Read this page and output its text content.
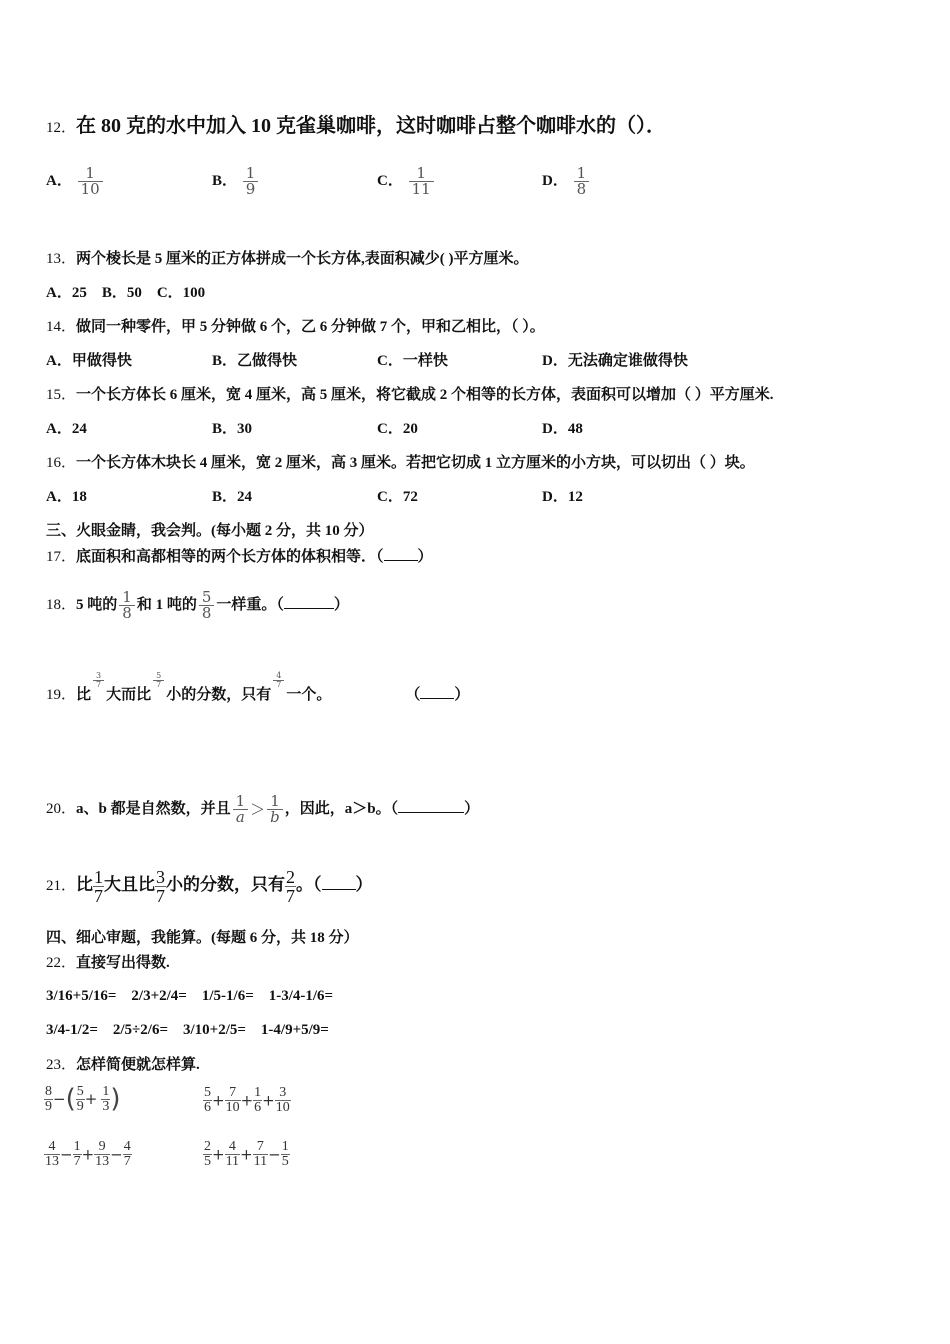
12．在 80 克的水中加入 10 克雀巢咖啡，这时咖啡占整个咖啡水的（）．
A． $\frac{1}{10}$	B． $\frac{1}{9}$	C． $\frac{1}{11}$	D． $\frac{1}{8}$
13．两个棱长是 5 厘米的正方体拼成一个长方体,表面积减少( )平方厘米。
A．25    B．50    C．100
14．做同一种零件，甲 5 分钟做 6 个，乙 6 分钟做 7 个，甲和乙相比，（ ）。
A．甲做得快	B．乙做得快	C．一样快	D．无法确定谁做得快
15．一个长方体长 6 厘米，宽 4 厘米，高 5 厘米，将它截成 2 个相等的长方体，表面积可以增加（ ）平方厘米.
A．24	B．30	C．20	D．48
16．一个长方体木块长 4 厘米，宽 2 厘米，高 3 厘米。若把它切成 1 立方厘米的小方块，可以切出（ ）块。
A．18	B．24	C．72	D．12
三、火眼金睛，我会判。(每小题 2 分，共 10 分）
17．底面积和高都相等的两个长方体的体积相等．（ ）
18．5 吨的 $\frac{1}{8}$ 和 1 吨的 $\frac{5}{8}$ 一样重。（	）
19．比
$\frac{3}{7}$
大而比
$\frac{5}{7}$
小的分数，只有
$\frac{4}{7}$
一个。	（ ）
20．a、b 都是自然数，并且 $\frac{1}{a} > \frac{1}{b}$ ，因此，a＞b。（	）
21．比 $\frac{1}{7}$ 大且比 $\frac{3}{7}$ 小的分数，只有 $\frac{2}{7}$ 。（ ）
四、细心审题，我能算。(每题 6 分，共 18 分）
22．直接写出得数.
3/16+5/16=    2/3+2/4=    1/5-1/6=    1-3/4-1/6=
3/4-1/2=    2/5÷2/6=    3/10+2/5=    1-4/9+5/9=
23．怎样简便就怎样算.
$\frac{8}{9}$ −( $\frac{5}{9} + \frac{1}{3}$ )	$\frac{5}{6} + \frac{7}{10} + \frac{1}{6} + \frac{3}{10}$
$\frac{4}{13} - \frac{1}{7} + \frac{9}{13} - \frac{4}{7}$	$\frac{2}{5} + \frac{4}{11} + \frac{7}{11} - \frac{1}{5}$
